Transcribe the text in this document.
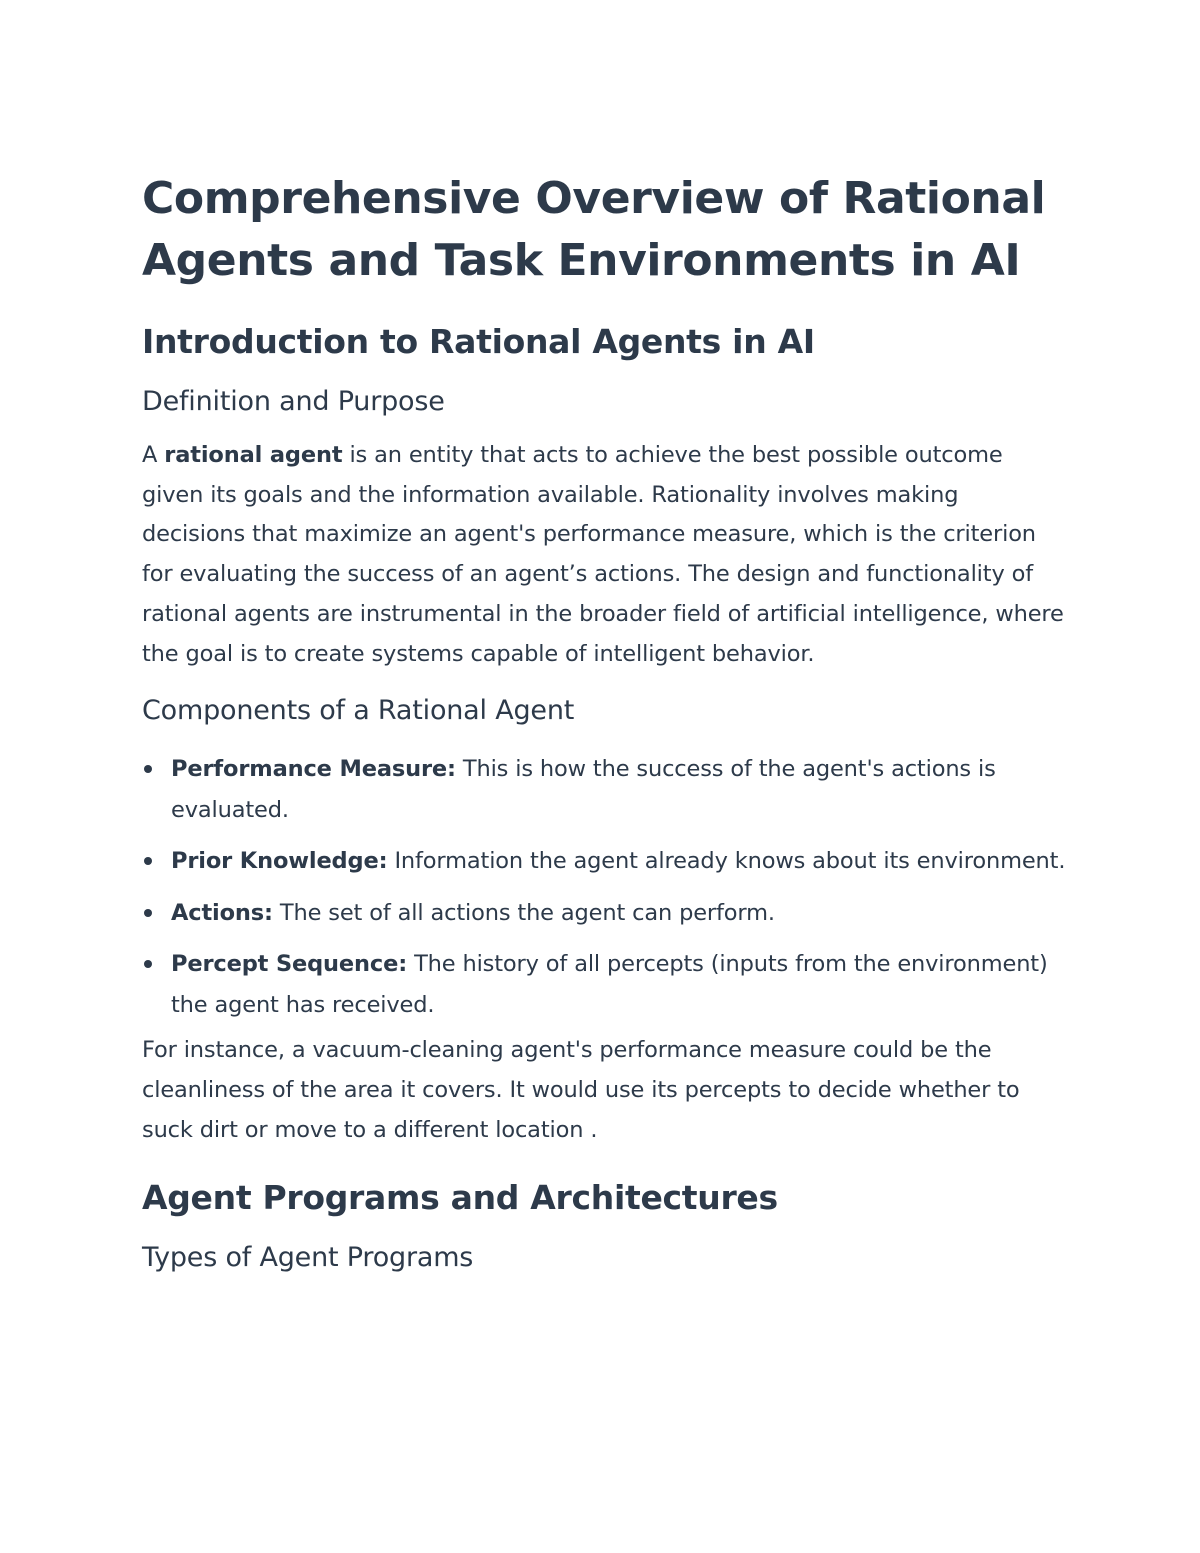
Comprehensive Overview of Rational Agents and Task Environments in AI
Introduction to Rational Agents in AI
Definition and Purpose

A rational agent is an entity that acts to achieve the best possible outcome given its goals and the information available. Rationality involves making decisions that maximize an agent's performance measure, which is the criterion for evaluating the success of an agent’s actions. The design and functionality of rational agents are instrumental in the broader field of artificial intelligence, where the goal is to create systems capable of intelligent behavior.

Components of a Rational Agent
Performance Measure: This is how the success of the agent's actions is evaluated.
Prior Knowledge: Information the agent already knows about its environment.
Actions: The set of all actions the agent can perform.
Percept Sequence: The history of all percepts (inputs from the environment) the agent has received.

For instance, a vacuum-cleaning agent's performance measure could be the cleanliness of the area it covers. It would use its percepts to decide whether to suck dirt or move to a different location .

Agent Programs and Architectures
Types of Agent Programs
